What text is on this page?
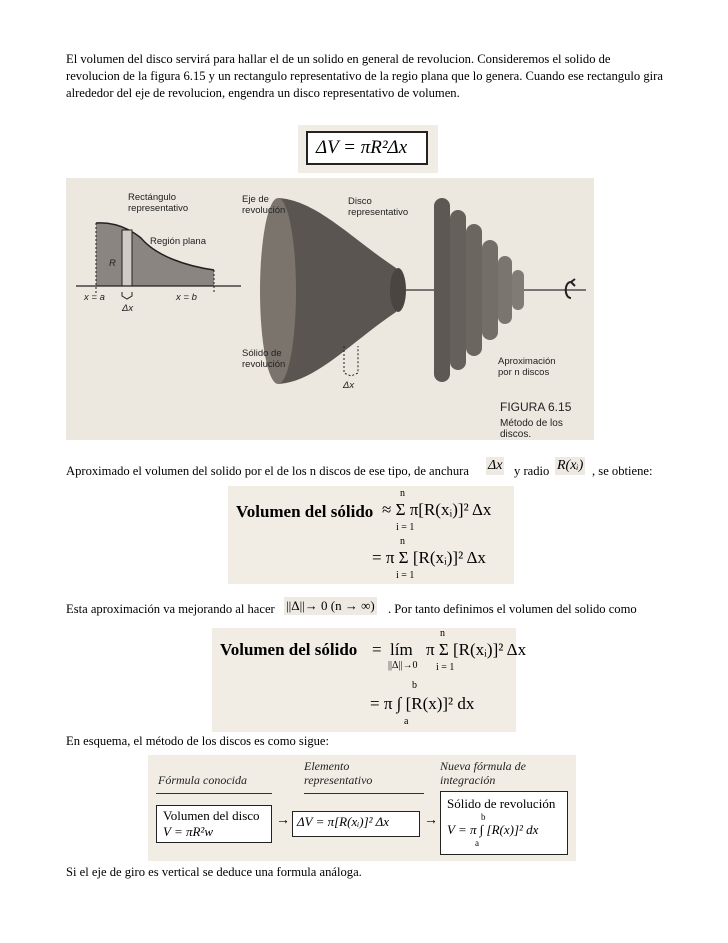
El volumen del disco servirá para hallar el de un solido en general de revolucion. Consideremos el solido de revolucion de la figura 6.15 y un rectangulo representativo de la regio plana que lo genera. Cuando ese rectangulo gira alrededor del eje de revolucion, engendra un disco representativo de volumen.
ΔV = πR²Δx
Rectángulo representativo
Región plana
R
x = a	x = b
Δx
Eje de revolución
Disco representativo
Sólido de revolución
Δx
Aproximación por n discos
FIGURA 6.15
Método de los discos.
Aproximado el volumen del solido por el de los n discos de ese tipo, de anchura	Δx y radio R(xᵢ) , se obtiene:
Volumen del sólido
n
≈ Σ π[R(xᵢ)]² Δx
i = 1
n
= π Σ [R(xᵢ)]² Δx
i = 1
Esta aproximación va mejorando al hacer ||Δ||→ 0 (n → ∞) . Por tanto definimos el volumen del solido como
Volumen del sólido = lím
||Δ||→0
n
π Σ [R(xᵢ)]² Δx
i = 1
b
= π ∫ [R(x)]² dx
a
En esquema, el método de los discos es como sigue:
Fórmula conocida
Elemento representativo
Nueva fórmula de integración
Volumen del disco
V = πR²w
→ ΔV = π[R(xᵢ)]² Δx	→
Sólido de revolución
b
V = π ∫ [R(x)]² dx
a
Si el eje de giro es vertical se deduce una formula análoga.
